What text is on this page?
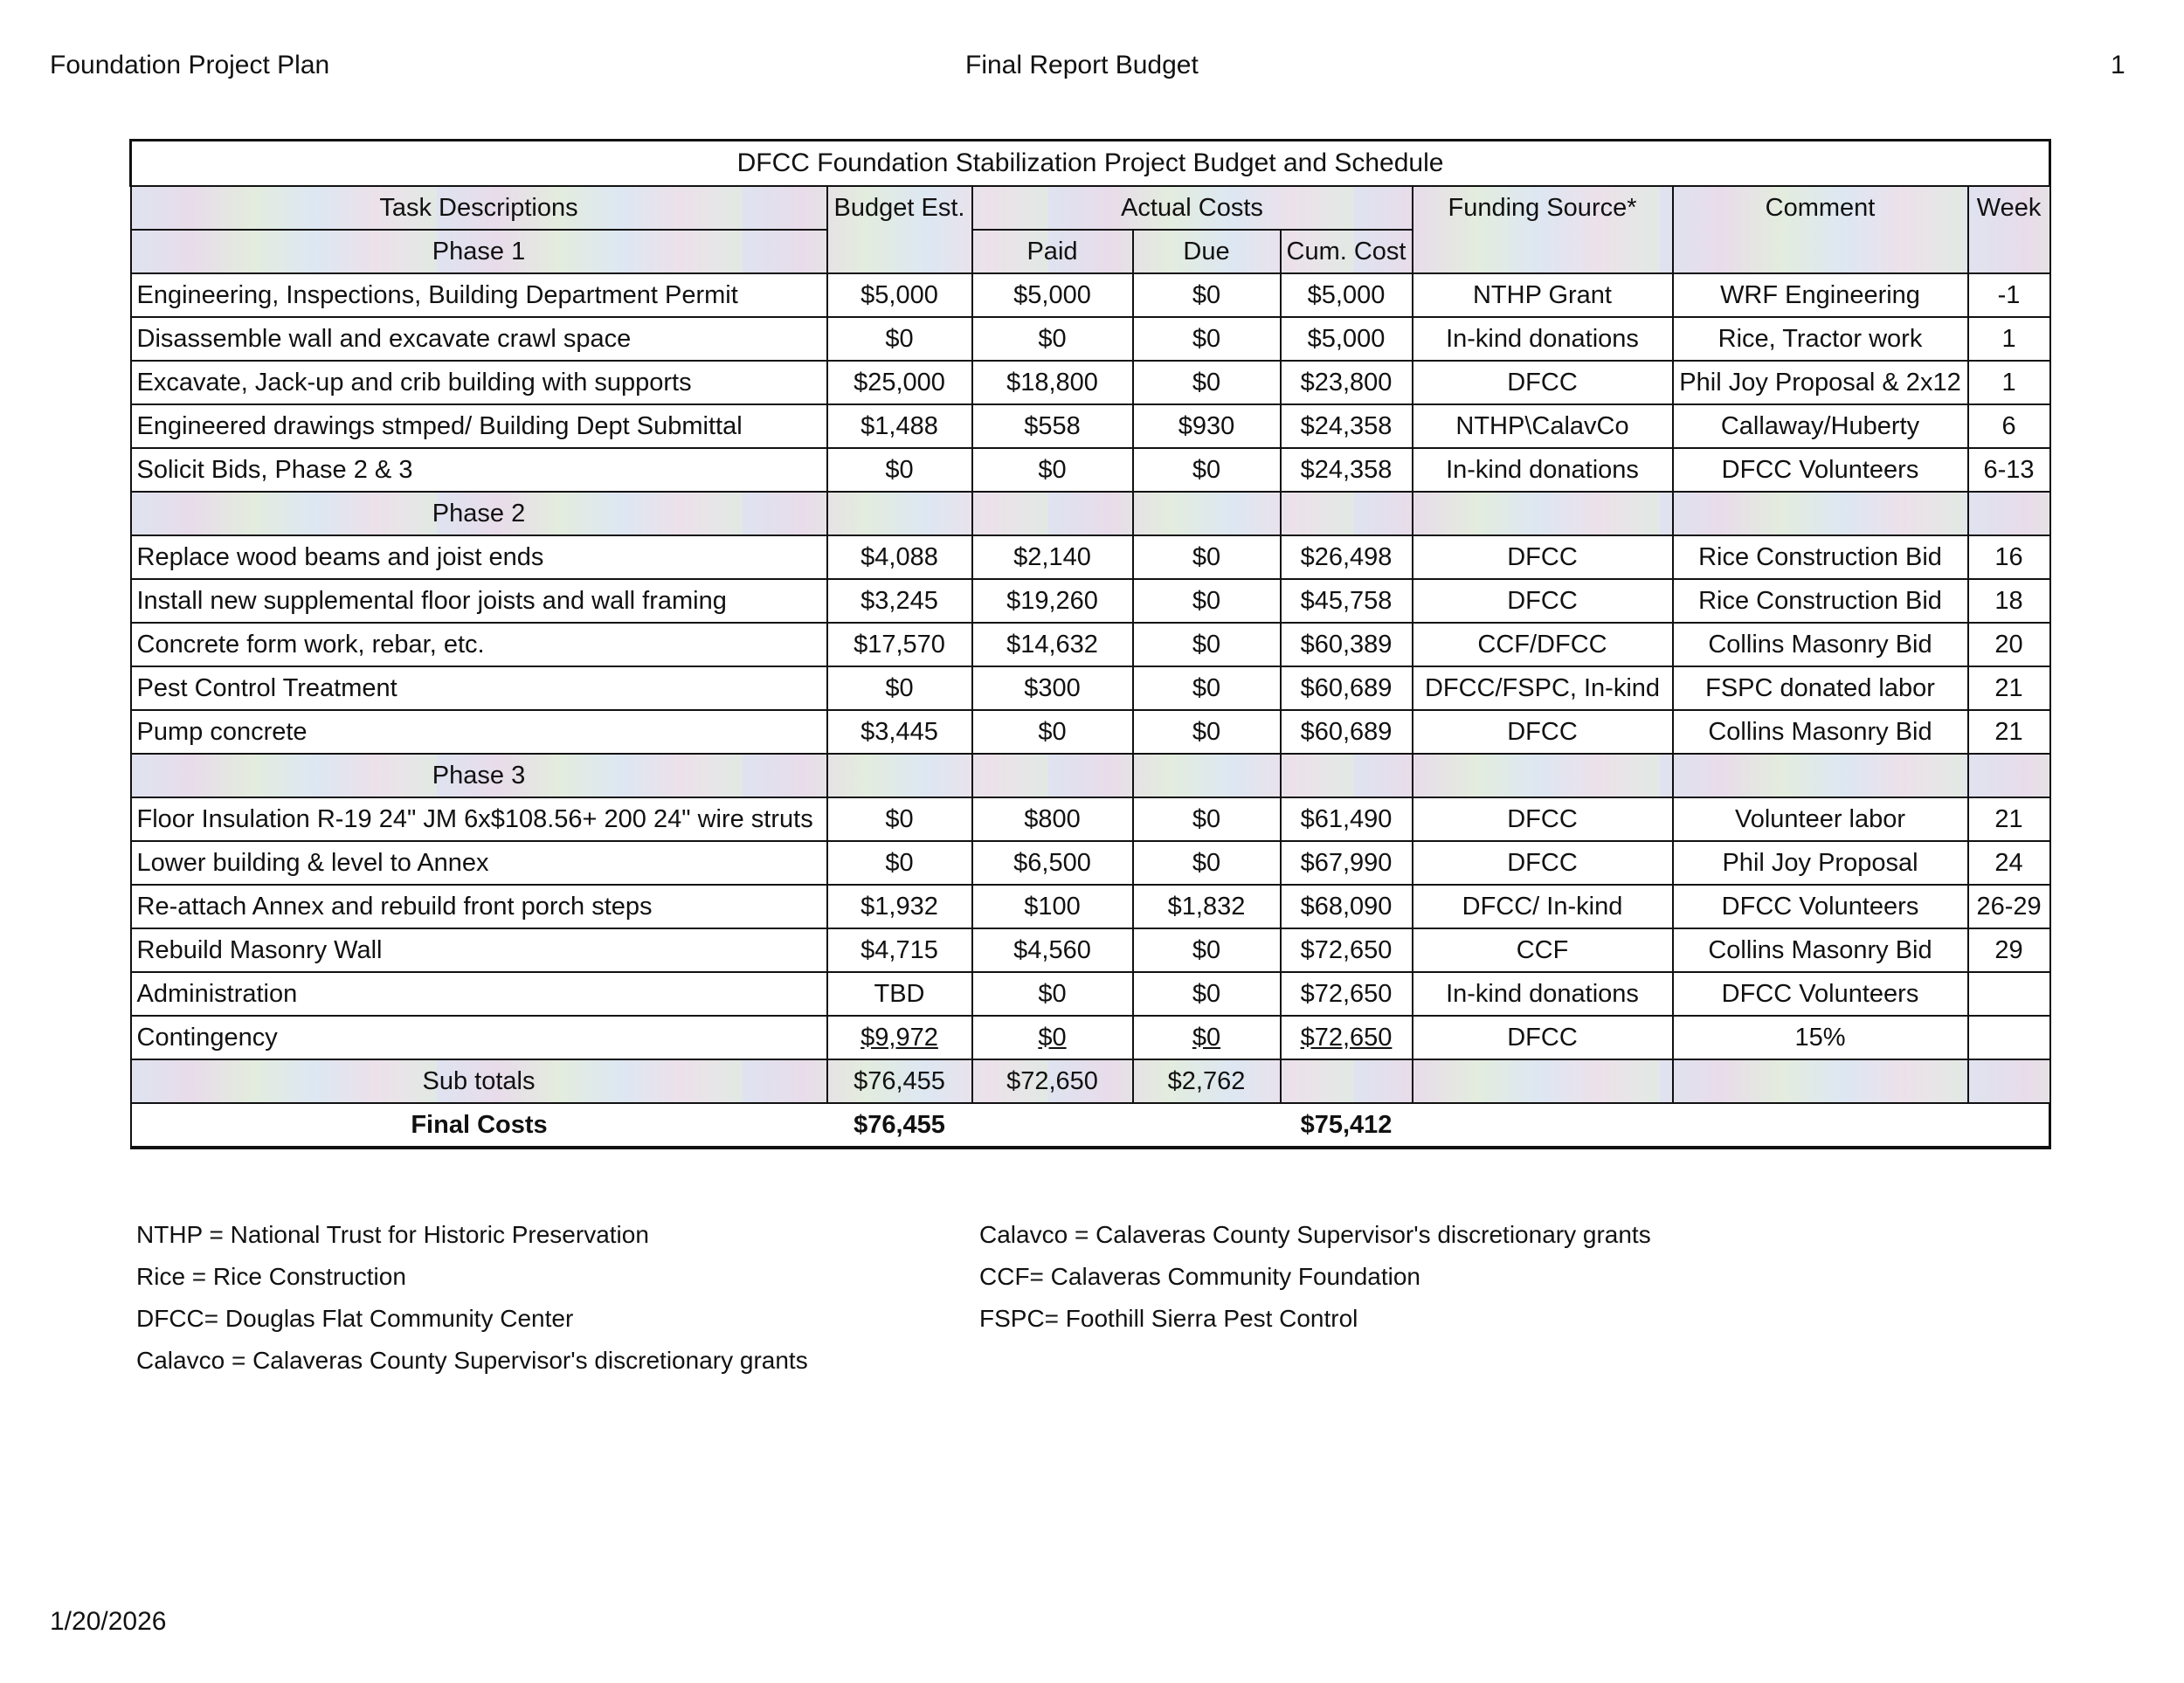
Foundation Project Plan	Final Report Budget	1
DFCC Foundation Stabilization Project Budget and Schedule							
Task Descriptions	Budget Est.	Actual Costs			Funding Source*	Comment	Week
Phase 1		Paid	Due	Cum. Cost			
Engineering, Inspections, Building Department Permit	$5,000	$5,000	$0	$5,000	NTHP Grant	WRF Engineering	-1
Disassemble wall and excavate crawl space	$0	$0	$0	$5,000	In-kind donations	Rice, Tractor work	1
Excavate, Jack-up and crib building with supports	$25,000	$18,800	$0	$23,800	DFCC	Phil Joy Proposal & 2x12	1
Engineered drawings stmped/ Building Dept Submittal	$1,488	$558	$930	$24,358	NTHP\CalavCo	Callaway/Huberty	6
Solicit Bids, Phase 2 & 3	$0	$0	$0	$24,358	In-kind donations	DFCC Volunteers	6-13
Phase 2							
Replace wood beams and joist ends	$4,088	$2,140	$0	$26,498	DFCC	Rice Construction Bid	16
Install new supplemental floor joists and wall framing	$3,245	$19,260	$0	$45,758	DFCC	Rice Construction Bid	18
Concrete form work, rebar, etc.	$17,570	$14,632	$0	$60,389	CCF/DFCC	Collins Masonry Bid	20
Pest Control Treatment	$0	$300	$0	$60,689	DFCC/FSPC, In-kind	FSPC donated labor	21
Pump concrete	$3,445	$0	$0	$60,689	DFCC	Collins Masonry Bid	21
Phase 3							
Floor Insulation R-19 24" JM 6x$108.56+ 200 24" wire struts	$0	$800	$0	$61,490	DFCC	Volunteer labor	21
Lower building & level to Annex	$0	$6,500	$0	$67,990	DFCC	Phil Joy Proposal	24
Re-attach Annex and rebuild front porch steps	$1,932	$100	$1,832	$68,090	DFCC/ In-kind	DFCC Volunteers	26-29
Rebuild Masonry Wall	$4,715	$4,560	$0	$72,650	CCF	Collins Masonry Bid	29
Administration	TBD	$0	$0	$72,650	In-kind donations	DFCC Volunteers	
Contingency	$9,972	$0	$0	$72,650	DFCC	15%	
Sub totals	$76,455	$72,650	$2,762				
Final Costs	$76,455			$75,412			
NTHP = National Trust for Historic Preservation
Rice = Rice Construction
DFCC= Douglas Flat Community Center
Calavco = Calaveras County Supervisor's discretionary grants
Calavco = Calaveras County Supervisor's discretionary grants
CCF= Calaveras Community Foundation
FSPC= Foothill Sierra Pest Control
1/20/2026
